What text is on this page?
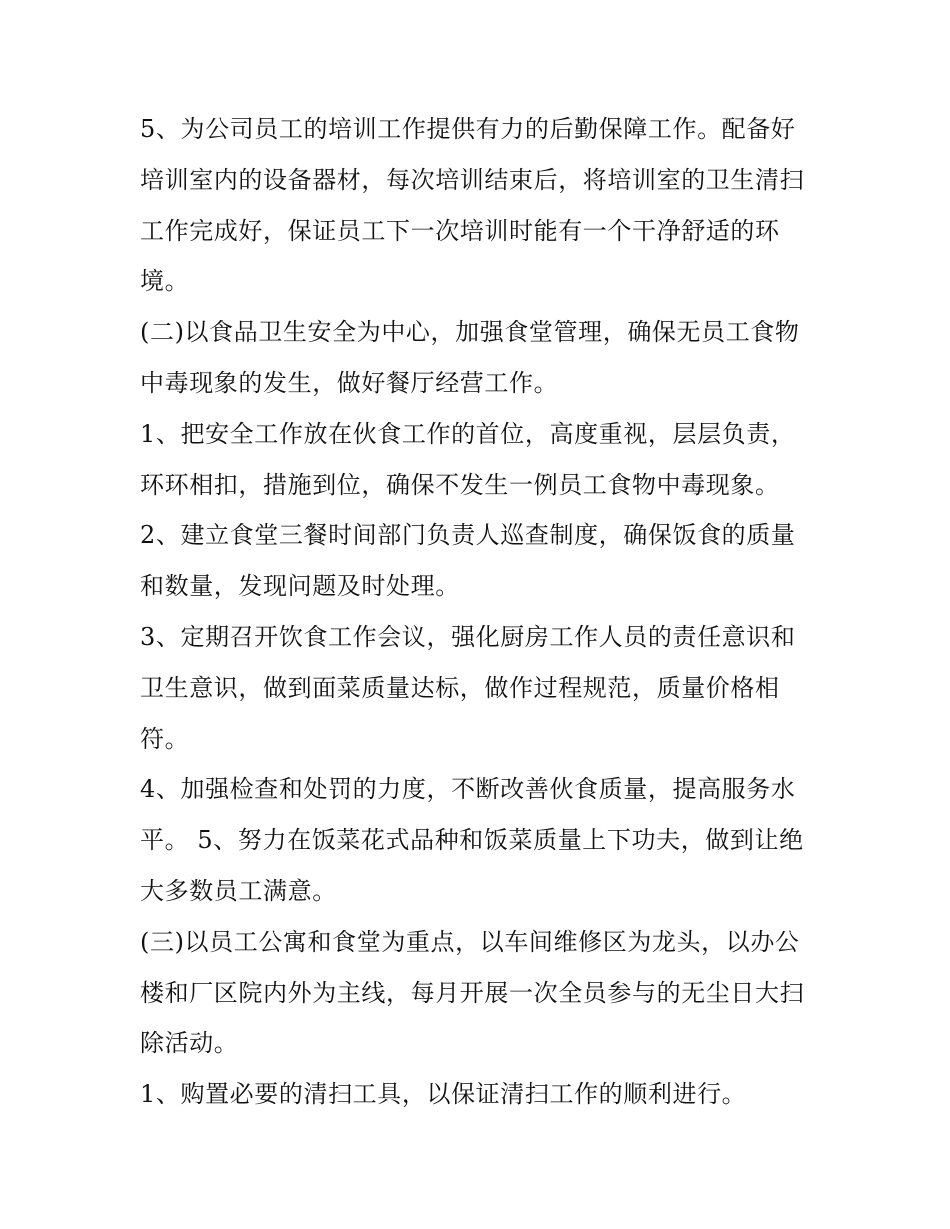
5、为公司员工的培训工作提供有力的后勤保障工作。配备好
培训室内的设备器材，每次培训结束后，将培训室的卫生清扫
工作完成好，保证员工下一次培训时能有一个干净舒适的环
境。
(二)以食品卫生安全为中心，加强食堂管理，确保无员工食物
中毒现象的发生，做好餐厅经营工作。
1、把安全工作放在伙食工作的首位，高度重视，层层负责，
环环相扣，措施到位，确保不发生一例员工食物中毒现象。
2、建立食堂三餐时间部门负责人巡查制度，确保饭食的质量
和数量，发现问题及时处理。
3、定期召开饮食工作会议，强化厨房工作人员的责任意识和
卫生意识，做到面菜质量达标，做作过程规范，质量价格相
符。
4、加强检查和处罚的力度，不断改善伙食质量，提高服务水
平。 5、努力在饭菜花式品种和饭菜质量上下功夫，做到让绝
大多数员工满意。
(三)以员工公寓和食堂为重点，以车间维修区为龙头，以办公
楼和厂区院内外为主线，每月开展一次全员参与的无尘日大扫
除活动。
1、购置必要的清扫工具，以保证清扫工作的顺利进行。
